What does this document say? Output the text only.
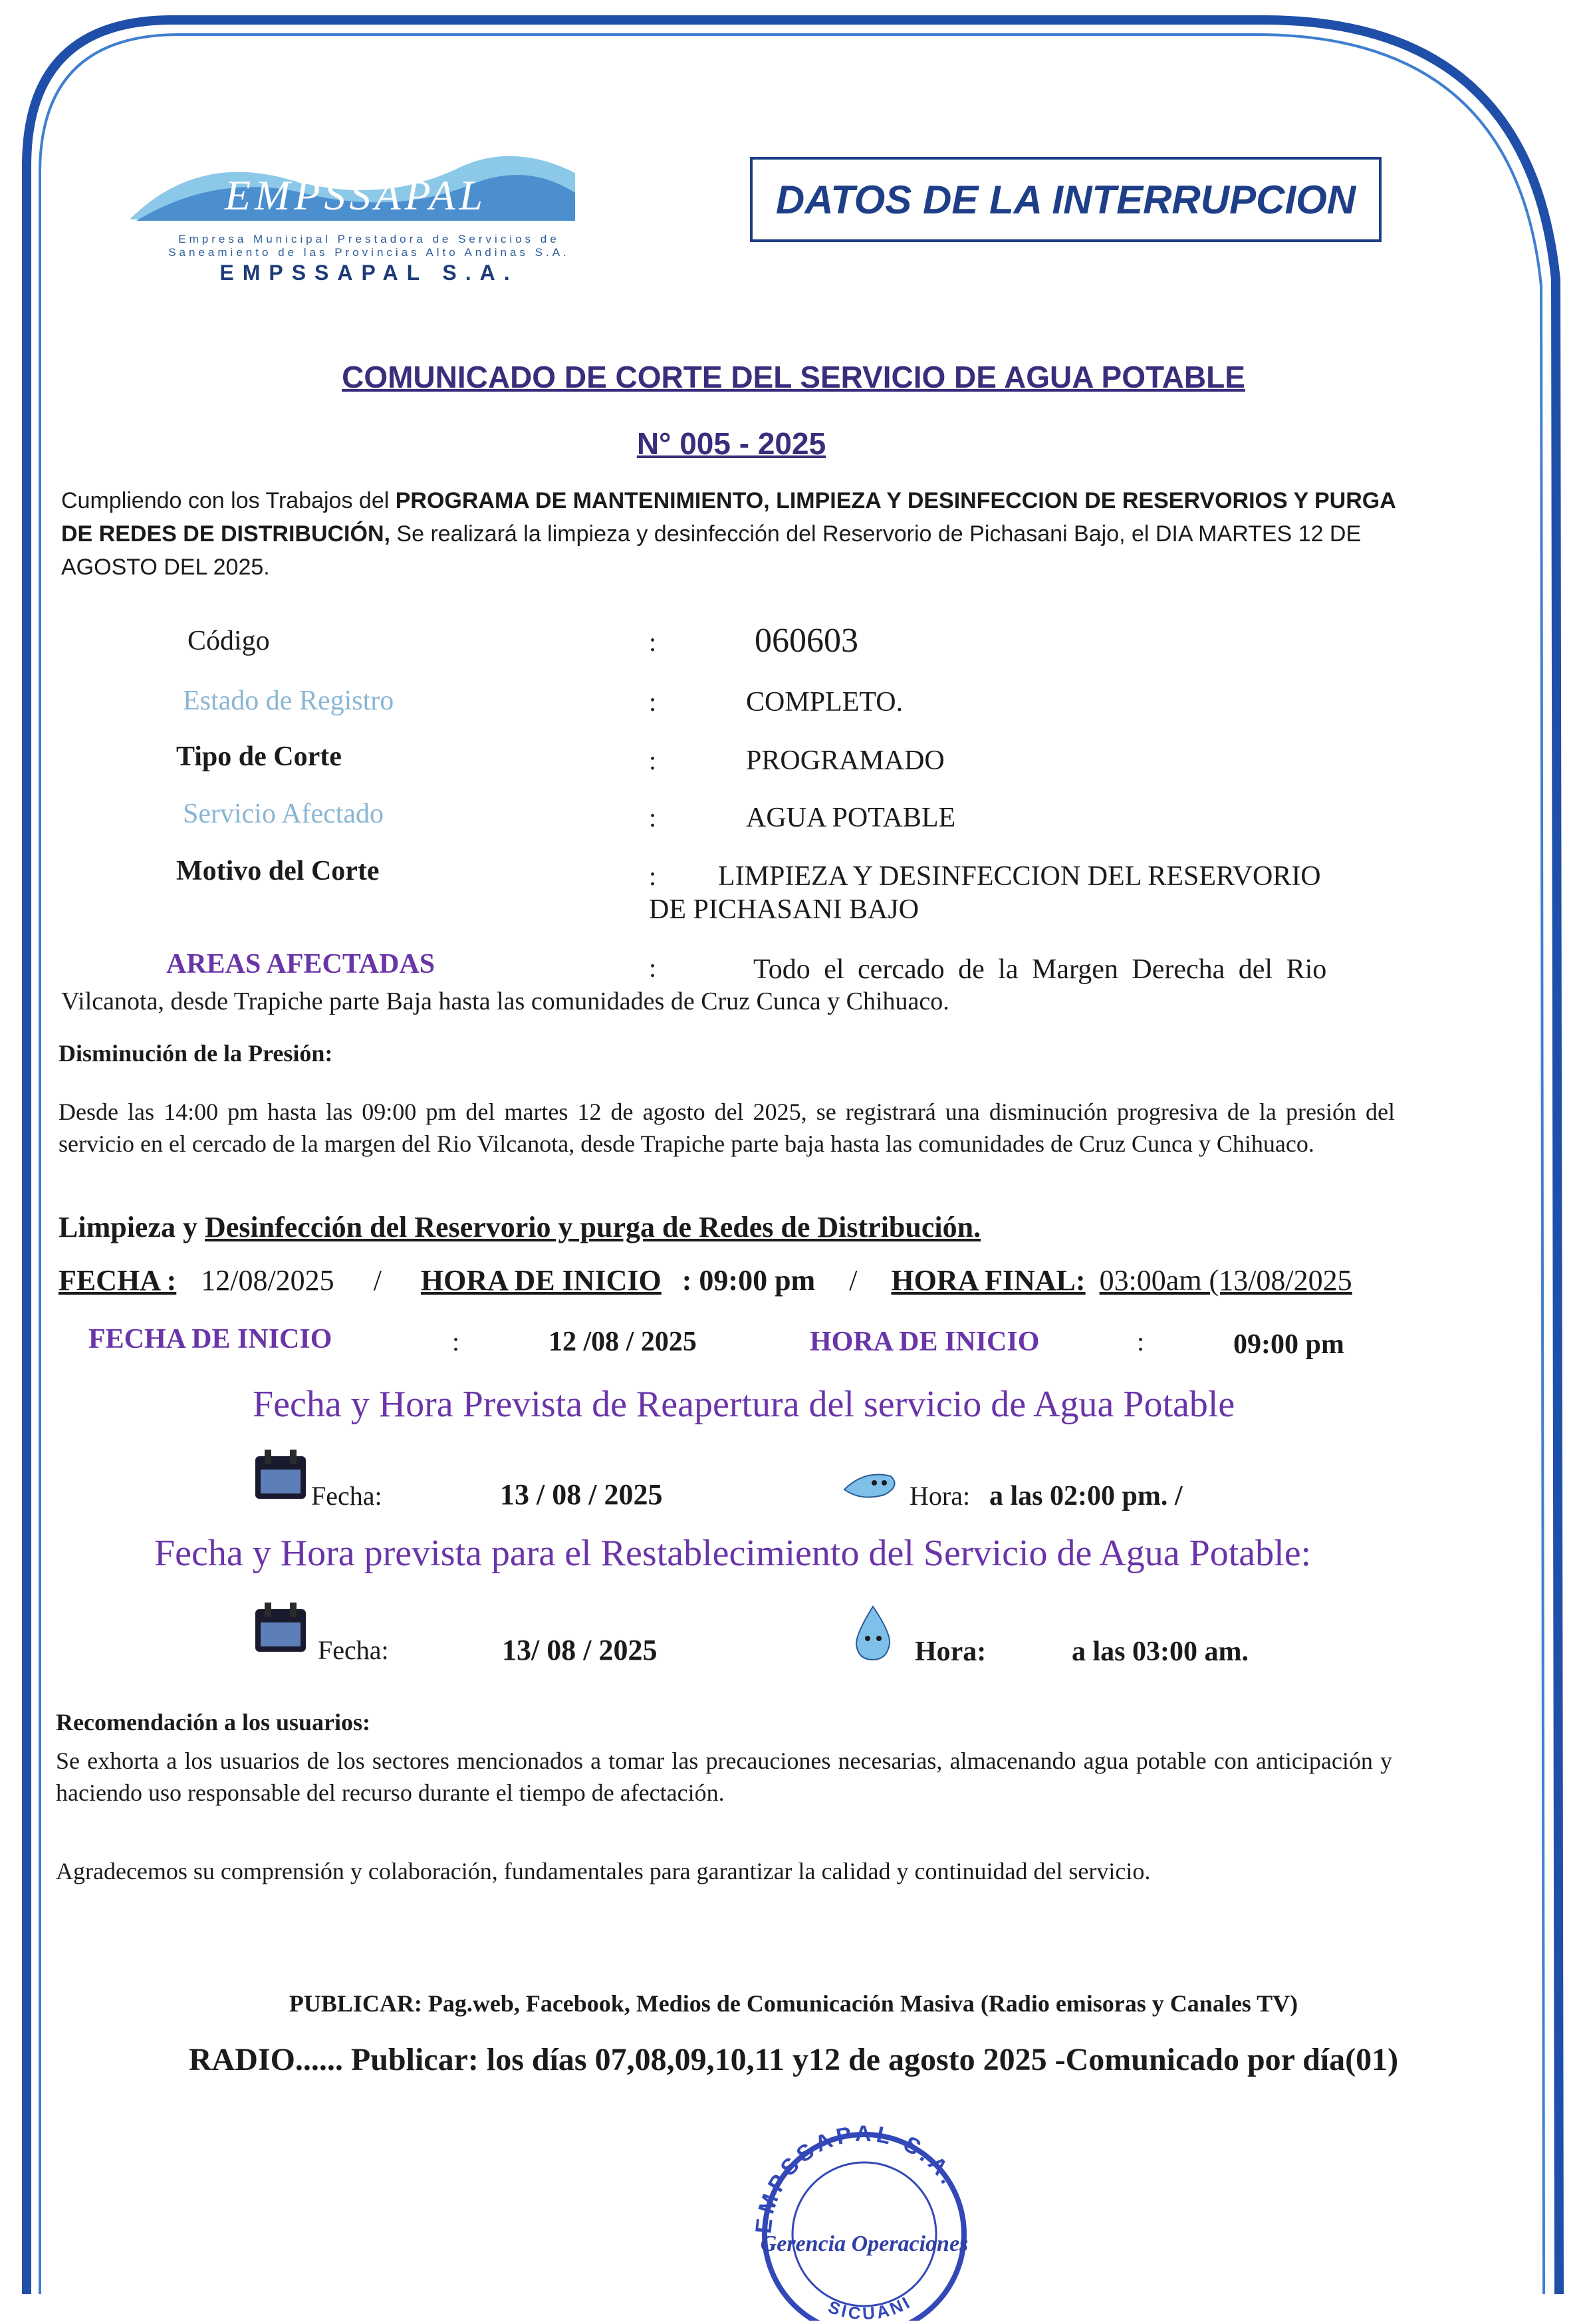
EMPSSAPAL
Empresa Municipal Prestadora de Servicios de
Saneamiento de las Provincias Alto Andinas S.A.
EMPSSAPAL S.A.
DATOS DE LA INTERRUPCION
COMUNICADO DE CORTE DEL SERVICIO DE AGUA POTABLE
N° 005 - 2025
Cumpliendo con los Trabajos del PROGRAMA DE MANTENIMIENTO, LIMPIEZA Y DESINFECCION DE RESERVORIOS Y PURGA DE REDES DE DISTRIBUCIÓN, Se realizará la limpieza y desinfección del Reservorio de Pichasani Bajo, el DIA MARTES 12 DE AGOSTO DEL 2025.
Código	:	060603
Estado de Registro	:	COMPLETO.
Tipo de Corte	:	PROGRAMADO
Servicio Afectado	:	AGUA POTABLE
Motivo del Corte	: LIMPIEZA Y DESINFECCION DEL RESERVORIO
DE PICHASANI BAJO
AREAS AFECTADAS	:	Todo el cercado de la Margen Derecha del Rio
Vilcanota, desde Trapiche parte Baja hasta las comunidades de Cruz Cunca y Chihuaco.
Disminución de la Presión:
Desde las 14:00 pm hasta las 09:00 pm del martes 12 de agosto del 2025, se registrará una disminución progresiva de la presión del servicio en el cercado de la margen del Rio Vilcanota, desde Trapiche parte baja hasta las comunidades de Cruz Cunca y Chihuaco.
Limpieza y Desinfección del Reservorio y purga de Redes de Distribución.
FECHA : 12/08/2025 / HORA DE INICIO : 09:00 pm / HORA FINAL: 03:00am (13/08/2025
FECHA DE INICIO	:	12 /08 / 2025	HORA DE INICIO	:	09:00 pm
Fecha y Hora Prevista de Reapertura del servicio de Agua Potable
Fecha:	13 / 08 / 2025	Hora: a las 02:00 pm. /
Fecha y Hora prevista para el Restablecimiento del Servicio de Agua Potable:
Fecha:	13/ 08 / 2025	Hora:	a las 03:00 am.
Recomendación a los usuarios:
Se exhorta a los usuarios de los sectores mencionados a tomar las precauciones necesarias, almacenando agua potable con anticipación y haciendo uso responsable del recurso durante el tiempo de afectación.
Agradecemos su comprensión y colaboración, fundamentales para garantizar la calidad y continuidad del servicio.
PUBLICAR: Pag.web, Facebook, Medios de Comunicación Masiva (Radio emisoras y Canales TV)
RADIO...... Publicar: los días 07,08,09,10,11 y12 de agosto 2025 -Comunicado por día(01)
EMPSSAPAL S.A.
Gerencia Operaciones
SICUANI
